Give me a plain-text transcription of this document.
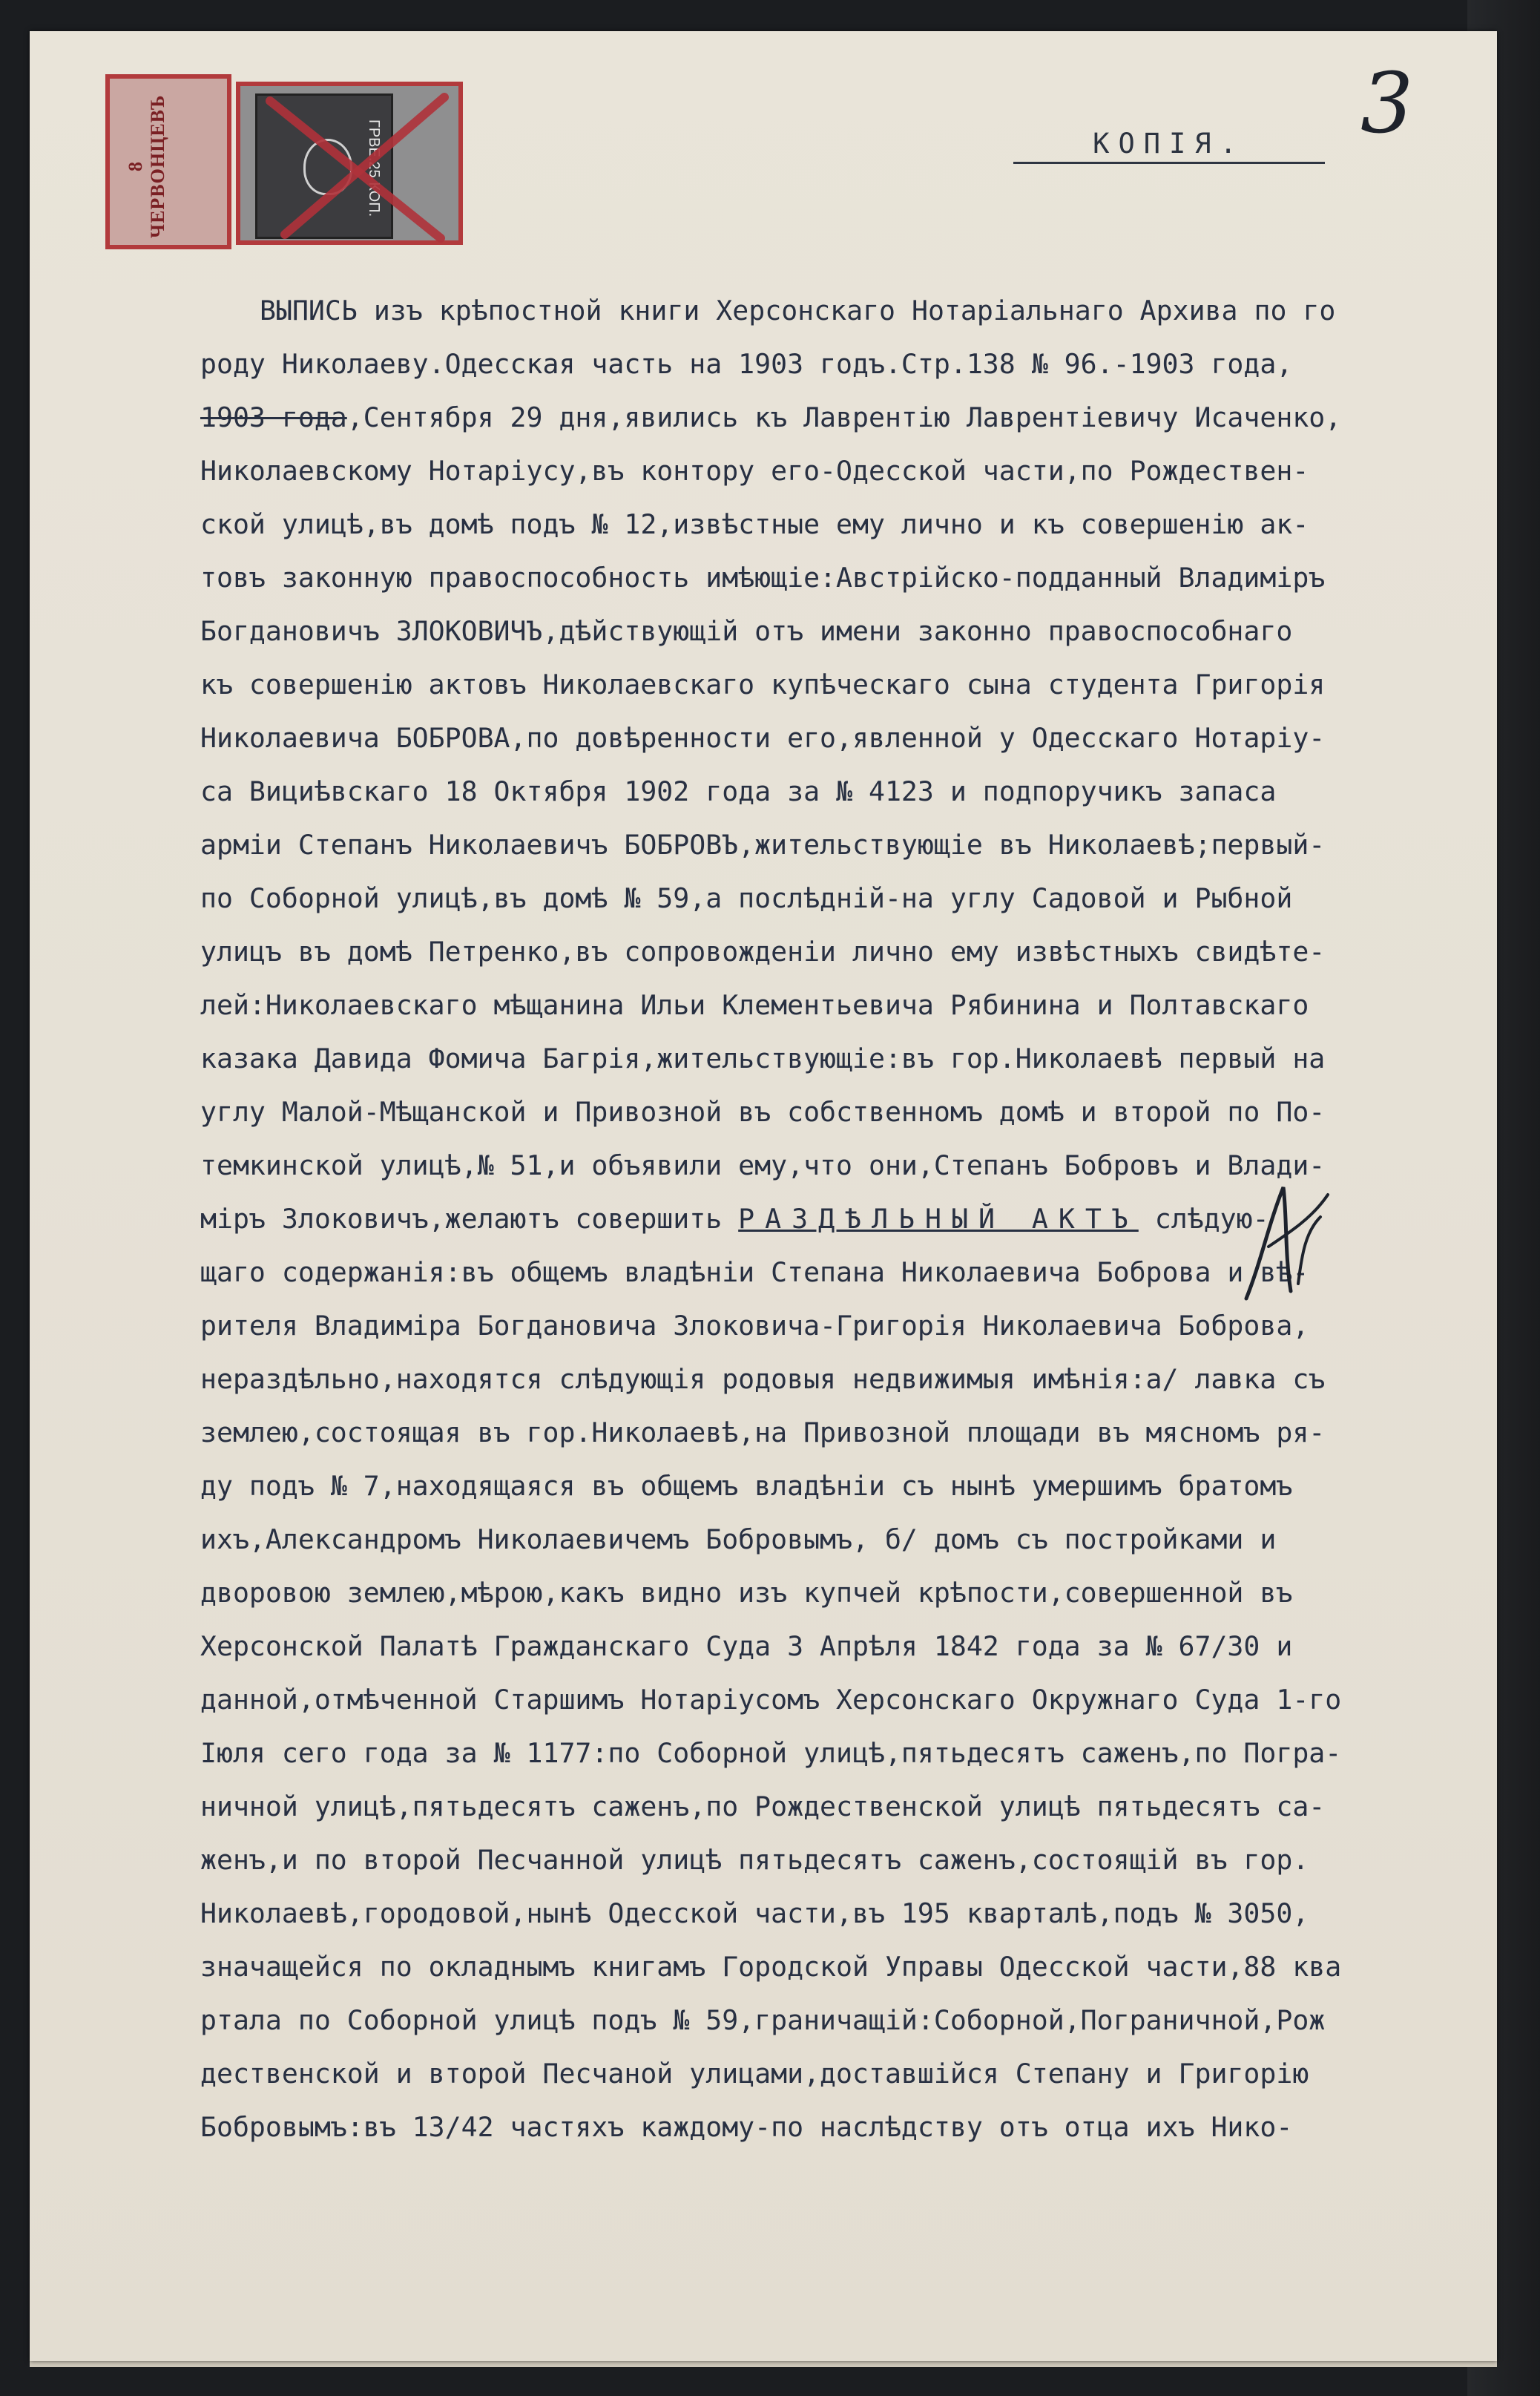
8 ЧЕРВОНЦЕВЪ	ГРВЕ.25 КОП.	КОПІЯ.	3
ВЫПИСЬ изъ крѣпостной книги Херсонскаго Нотаріальнаго Архива по го
роду Николаеву.Одесская часть на 1903 годъ.Стр.138 № 96.-1903 года,
1903 года,Сентября 29 дня,явились къ Лаврентію Лаврентіевичу Исаченко,
Николаевскому Нотаріусу,въ контору его-Одесской части,по Рождествен-
ской улицѣ,въ домѣ подъ № 12,извѣстные ему лично и къ совершенію ак-
товъ законную правоспособность имѣющіе:Австрійско-подданный Владиміръ
Богдановичъ ЗЛОКОВИЧЪ,дѣйствующій отъ имени законно правоспособнаго
къ совершенію актовъ Николаевскаго купѣческаго сына студента Григорія
Николаевича БОБРОВА,по довѣренности его,явленной у Одесскаго Нотаріу-
са Вициѣвскаго 18 Октября 1902 года за № 4123 и подпоручикъ запаса
арміи Степанъ Николаевичъ БОБРОВЪ,жительствующіе въ Николаевѣ;первый-
по Соборной улицѣ,въ домѣ № 59,а послѣдній-на углу Садовой и Рыбной
улицъ въ домѣ Петренко,въ сопровожденіи лично ему извѣстныхъ свидѣте-
лей:Николаевскаго мѣщанина Ильи Клементьевича Рябинина и Полтавскаго
казака Давида Фомича Багрія,жительствующіе:въ гор.Николаевѣ первый на
углу Малой-Мѣщанской и Привозной въ собственномъ домѣ и второй по По-
темкинской улицѣ,№ 51,и объявили ему,что они,Степанъ Бобровъ и Влади-
міръ Злоковичъ,желаютъ совершить РАЗДѢЛЬНЫЙ АКТЪ слѣдую-
щаго содержанія:въ общемъ владѣніи Степана Николаевича Боброва и вѣ-
рителя Владиміра Богдановича Злоковича-Григорія Николаевича Боброва,
нераздѣльно,находятся слѣдующія родовыя недвижимыя имѣнія:а/ лавка съ
землею,состоящая въ гор.Николаевѣ,на Привозной площади въ мясномъ ря-
ду подъ № 7,находящаяся въ общемъ владѣніи съ нынѣ умершимъ братомъ
ихъ,Александромъ Николаевичемъ Бобровымъ, б/ домъ съ постройками и
дворовою землею,мѣрою,какъ видно изъ купчей крѣпости,совершенной въ
Херсонской Палатѣ Гражданскаго Суда 3 Апрѣля 1842 года за № 67/30 и
данной,отмѣченной Старшимъ Нотаріусомъ Херсонскаго Окружнаго Суда 1-го
Іюля сего года за № 1177:по Соборной улицѣ,пятьдесятъ саженъ,по Погра-
ничной улицѣ,пятьдесятъ саженъ,по Рождественской улицѣ пятьдесятъ са-
женъ,и по второй Песчанной улицѣ пятьдесятъ саженъ,состоящій въ гор.
Николаевѣ,городовой,нынѣ Одесской части,въ 195 кварталѣ,подъ № 3050,
значащейся по окладнымъ книгамъ Городской Управы Одесской части,88 ква
ртала по Соборной улицѣ подъ № 59,граничащій:Соборной,Пограничной,Рож
дественской и второй Песчаной улицами,доставшійся Степану и Григорію
Бобровымъ:въ 13/42 частяхъ каждому-по наслѣдству отъ отца ихъ Нико-
